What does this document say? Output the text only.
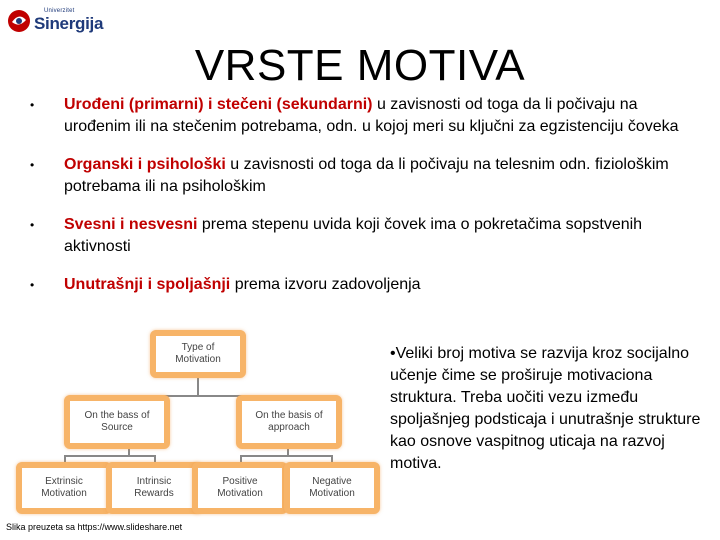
Univerzitet
Sinergija
VRSTE MOTIVA
• Urođeni (primarni) i stečeni (sekundarni) u zavisnosti od toga da li počivaju na urođenim ili na stečenim potrebama, odn. u kojoj meri su ključni za egzistenciju čoveka
• Organski i psihološki u zavisnosti od toga da li počivaju na telesnim odn. fiziološkim potrebama ili na psihološkim
• Svesni i nesvesni prema stepenu uvida koji čovek ima o pokretačima sopstvenih aktivnosti
• Unutrašnji i spoljašnji prema izvoru zadovoljenja
Type of Motivation
On the bass of Source
On the basis of approach
Extrinsic Motivation
Intrinsic Rewards
Positive Motivation
Negative Motivation
Slika preuzeta sa https://www.slideshare.net
•Veliki broj motiva se razvija kroz socijalno učenje čime se proširuje motivaciona struktura. Treba uočiti vezu između spoljašnjeg podsticaja i unutrašnje strukture kao osnove vaspitnog uticaja na razvoj motiva.
